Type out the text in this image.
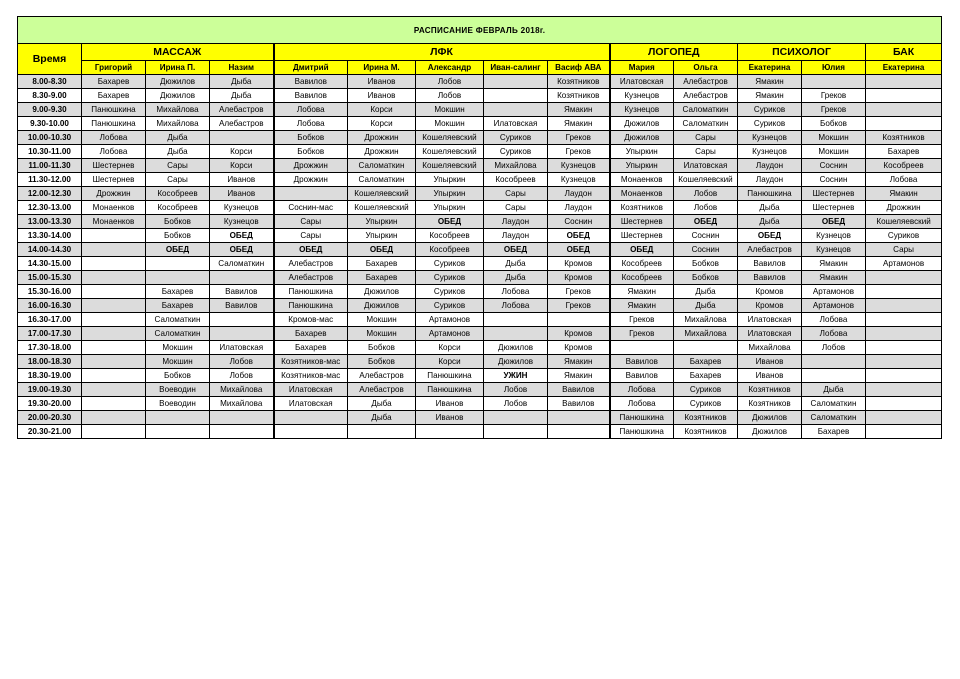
РАСПИСАНИЕ ФЕВРАЛЬ 2018г.													
Время	МАССАЖ			ЛФК					ЛОГОПЕД		ПСИХОЛОГ		БАК
	Григорий	Ирина П.	Назим	Дмитрий	Ирина М.	Александр	Иван-салинг	Васиф АВА	Мария	Ольга	Екатерина	Юлия	Екатерина
8.00-8.30	Бахарев	Дюжилов	Дыба	Вавилов	Иванов	Лобов		Козятников	Илатовская	Алебастров	Ямакин		
8.30-9.00	Бахарев	Дюжилов	Дыба	Вавилов	Иванов	Лобов		Козятников	Кузнецов	Алебастров	Ямакин	Греков	
9.00-9.30	Панюшкина	Михайлова	Алебастров	Лобова	Корси	Мокшин		Ямакин	Кузнецов	Саломаткин	Суриков	Греков	
9.30-10.00	Панюшкина	Михайлова	Алебастров	Лобова	Корси	Мокшин	Илатовская	Ямакин	Дюжилов	Саломаткин	Суриков	Бобков	
10.00-10.30	Лобова	Дыба		Бобков	Дрожжин	Кошеляевский	Суриков	Греков	Дюжилов	Сары	Кузнецов	Мокшин	Козятников
10.30-11.00	Лобова	Дыба	Корси	Бобков	Дрожжин	Кошеляевский	Суриков	Греков	Упыркин	Сары	Кузнецов	Мокшин	Бахарев
11.00-11.30	Шестернев	Сары	Корси	Дрожжин	Саломаткин	Кошеляевский	Михайлова	Кузнецов	Упыркин	Илатовская	Лаудон	Соснин	Кособреев
11.30-12.00	Шестернев	Сары	Иванов	Дрожжин	Саломаткин	Упыркин	Кособреев	Кузнецов	Монаенков	Кошеляевский	Лаудон	Соснин	Лобова
12.00-12.30	Дрожжин	Кособреев	Иванов		Кошеляевский	Упыркин	Сары	Лаудон	Монаенков	Лобов	Панюшкина	Шестернев	Ямакин
12.30-13.00	Монаенков	Кособреев	Кузнецов	Соснин-мас	Кошеляевский	Упыркин	Сары	Лаудон	Козятников	Лобов	Дыба	Шестернев	Дрожжин
13.00-13.30	Монаенков	Бобков	Кузнецов	Сары	Упыркин	ОБЕД	Лаудон	Соснин	Шестернев	ОБЕД	Дыба	ОБЕД	Кошеляевский
13.30-14.00		Бобков	ОБЕД	Сары	Упыркин	Кособреев	Лаудон	ОБЕД	Шестернев	Соснин	ОБЕД	Кузнецов	Суриков
14.00-14.30		ОБЕД	ОБЕД	ОБЕД	ОБЕД	Кособреев	ОБЕД	ОБЕД	ОБЕД	Соснин	Алебастров	Кузнецов	Сары
14.30-15.00			Саломаткин	Алебастров	Бахарев	Суриков	Дыба	Кромов	Кособреев	Бобков	Вавилов	Ямакин	Артамонов
15.00-15.30				Алебастров	Бахарев	Суриков	Дыба	Кромов	Кособреев	Бобков	Вавилов	Ямакин	
15.30-16.00		Бахарев	Вавилов	Панюшкина	Дюжилов	Суриков	Лобова	Греков	Ямакин	Дыба	Кромов	Артамонов	
16.00-16.30		Бахарев	Вавилов	Панюшкина	Дюжилов	Суриков	Лобова	Греков	Ямакин	Дыба	Кромов	Артамонов	
16.30-17.00		Саломаткин		Кромов-мас	Мокшин	Артамонов			Греков	Михайлова	Илатовская	Лобова	
17.00-17.30		Саломаткин		Бахарев	Мокшин	Артамонов		Кромов	Греков	Михайлова	Илатовская	Лобова	
17.30-18.00		Мокшин	Илатовская	Бахарев	Бобков	Корси	Дюжилов	Кромов			Михайлова	Лобов	
18.00-18.30		Мокшин	Лобов	Козятников-мас	Бобков	Корси	Дюжилов	Ямакин	Вавилов	Бахарев	Иванов		
18.30-19.00		Бобков	Лобов	Козятников-мас	Алебастров	Панюшкина	УЖИН	Ямакин	Вавилов	Бахарев	Иванов		
19.00-19.30		Воеводин	Михайлова	Илатовская	Алебастров	Панюшкина	Лобов	Вавилов	Лобова	Суриков	Козятников	Дыба	
19.30-20.00		Воеводин	Михайлова	Илатовская	Дыба	Иванов	Лобов	Вавилов	Лобова	Суриков	Козятников	Саломаткин	
20.00-20.30					Дыба	Иванов			Панюшкина	Козятников	Дюжилов	Саломаткин	
20.30-21.00									Панюшкина	Козятников	Дюжилов	Бахарев	
